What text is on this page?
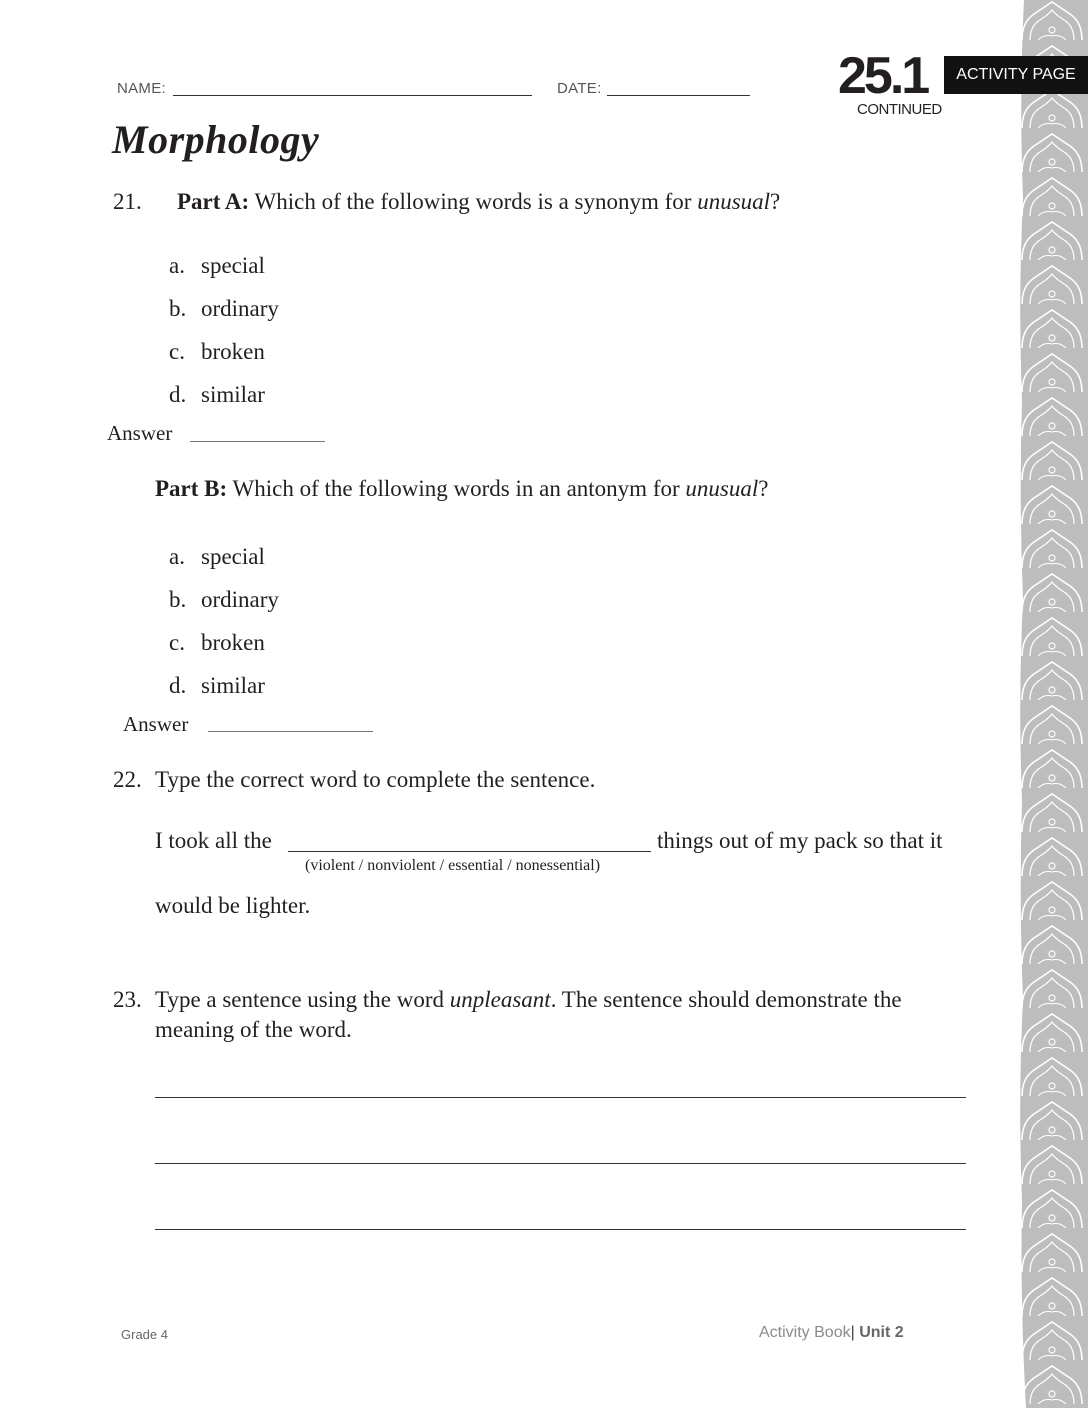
NAME:	DATE:	25.1
CONTINUED
ACTIVITY PAGE
Morphology
21. Part A: Which of the following words is a synonym for unusual?
a. special
b. ordinary
c. broken
d. similar
Answer
Part B: Which of the following words in an antonym for unusual?
a. special
b. ordinary
c. broken
d. similar
Answer
22. Type the correct word to complete the sentence.
I took all the	things out of my pack so that it
(violent / nonviolent / essential / nonessential)
would be lighter.
23. Type a sentence using the word unpleasant. The sentence should demonstrate the
meaning of the word.
Grade 4	Activity Book| Unit 2
